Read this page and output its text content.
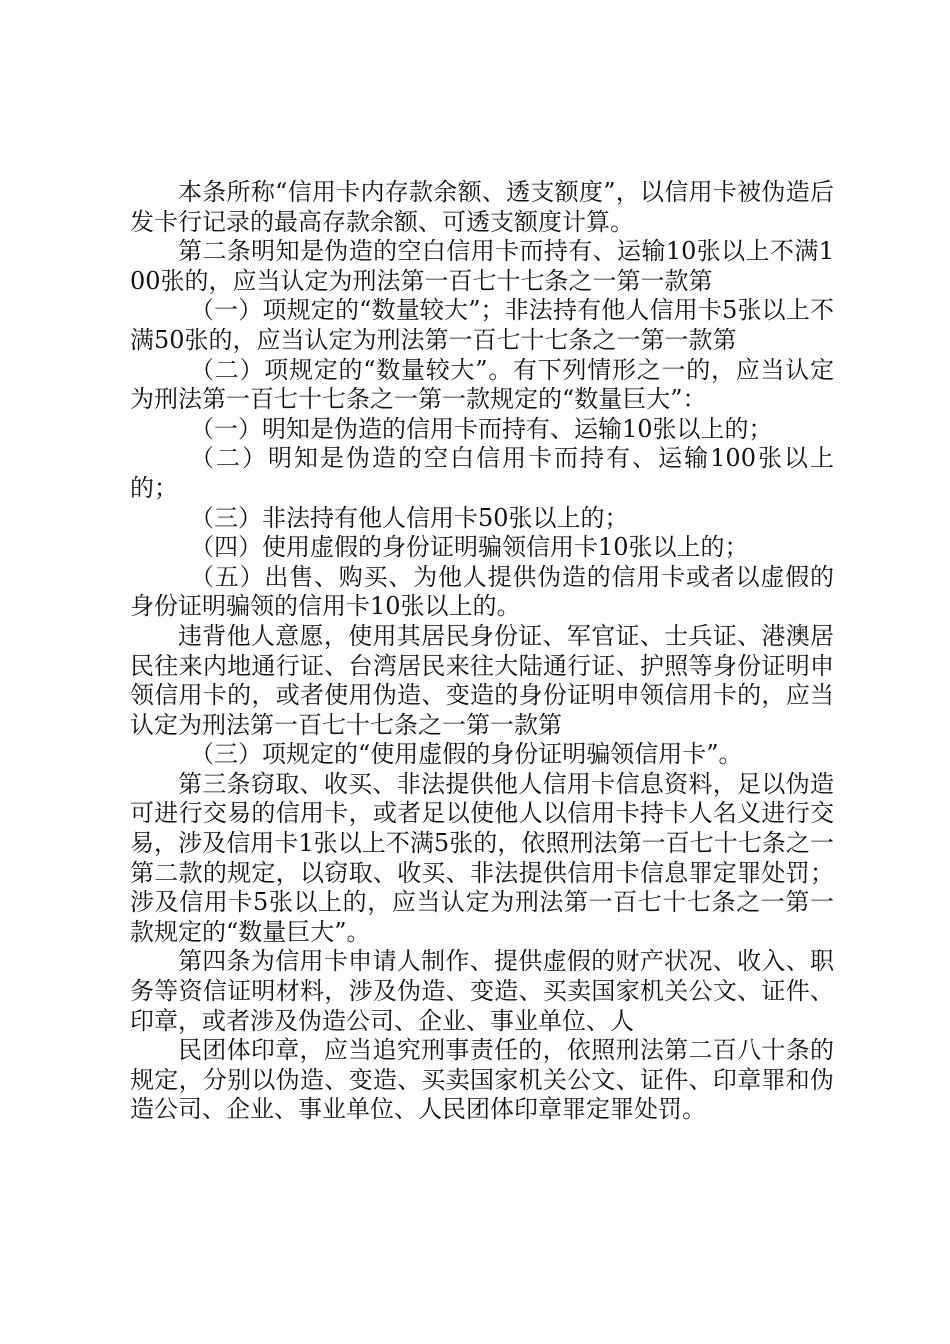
本条所称“信用卡内存款余额、透支额度”，以信用卡被伪造后发卡行记录的最高存款余额、可透支额度计算。

第二条明知是伪造的空白信用卡而持有、运输10张以上不满100张的，应当认定为刑法第一百七十七条之一第一款第

（一）项规定的“数量较大”；非法持有他人信用卡5张以上不满50张的，应当认定为刑法第一百七十七条之一第一款第

（二）项规定的“数量较大”。有下列情形之一的，应当认定为刑法第一百七十七条之一第一款规定的“数量巨大”：

（一）明知是伪造的信用卡而持有、运输10张以上的；

（二）明知是伪造的空白信用卡而持有、运输100张以上的；

（三）非法持有他人信用卡50张以上的；

（四）使用虚假的身份证明骗领信用卡10张以上的；

（五）出售、购买、为他人提供伪造的信用卡或者以虚假的身份证明骗领的信用卡10张以上的。

违背他人意愿，使用其居民身份证、军官证、士兵证、港澳居民往来内地通行证、台湾居民来往大陆通行证、护照等身份证明申领信用卡的，或者使用伪造、变造的身份证明申领信用卡的，应当认定为刑法第一百七十七条之一第一款第

（三）项规定的“使用虚假的身份证明骗领信用卡”。

第三条窃取、收买、非法提供他人信用卡信息资料，足以伪造可进行交易的信用卡，或者足以使他人以信用卡持卡人名义进行交易，涉及信用卡1张以上不满5张的，依照刑法第一百七十七条之一第二款的规定，以窃取、收买、非法提供信用卡信息罪定罪处罚；涉及信用卡5张以上的，应当认定为刑法第一百七十七条之一第一款规定的“数量巨大”。

第四条为信用卡申请人制作、提供虚假的财产状况、收入、职务等资信证明材料，涉及伪造、变造、买卖国家机关公文、证件、印章，或者涉及伪造公司、企业、事业单位、人

民团体印章，应当追究刑事责任的，依照刑法第二百八十条的规定，分别以伪造、变造、买卖国家机关公文、证件、印章罪和伪造公司、企业、事业单位、人民团体印章罪定罪处罚。
